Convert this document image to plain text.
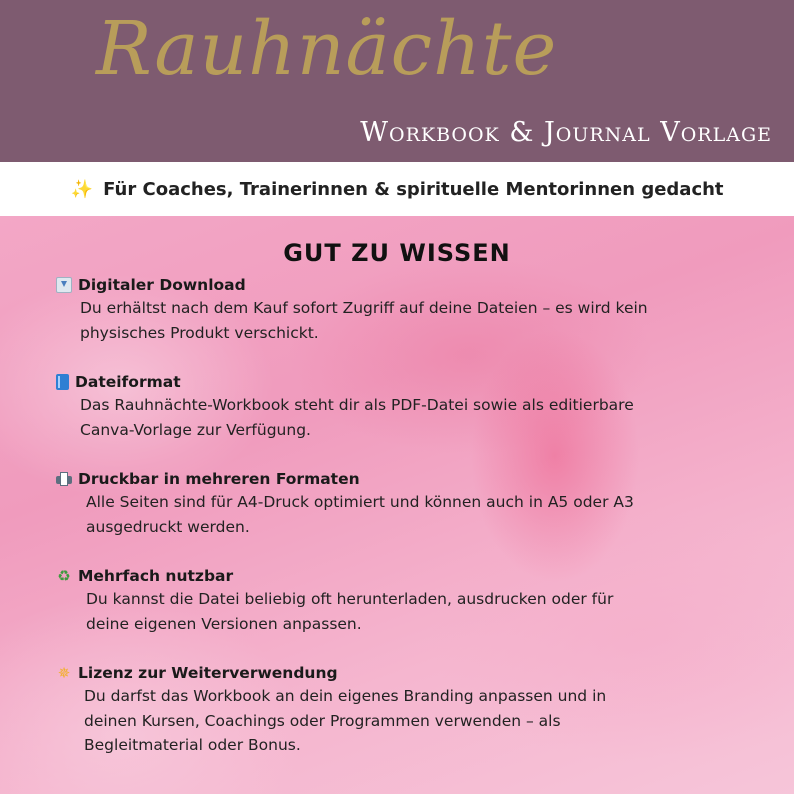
Rauhnächte
Workbook & Journal Vorlage
✨ Für Coaches, Trainerinnen & spirituelle Mentorinnen gedacht
GUT ZU WISSEN
Digitaler Download
Du erhältst nach dem Kauf sofort Zugriff auf deine Dateien – es wird kein
physisches Produkt verschickt.
Dateiformat
Das Rauhnächte-Workbook steht dir als PDF-Datei sowie als editierbare
Canva-Vorlage zur Verfügung.
Druckbar in mehreren Formaten
Alle Seiten sind für A4-Druck optimiert und können auch in A5 oder A3
ausgedruckt werden.
♻ Mehrfach nutzbar
Du kannst die Datei beliebig oft herunterladen, ausdrucken oder für
deine eigenen Versionen anpassen.
✵ Lizenz zur Weiterverwendung
Du darfst das Workbook an dein eigenes Branding anpassen und in
deinen Kursen, Coachings oder Programmen verwenden – als
Begleitmaterial oder Bonus.
